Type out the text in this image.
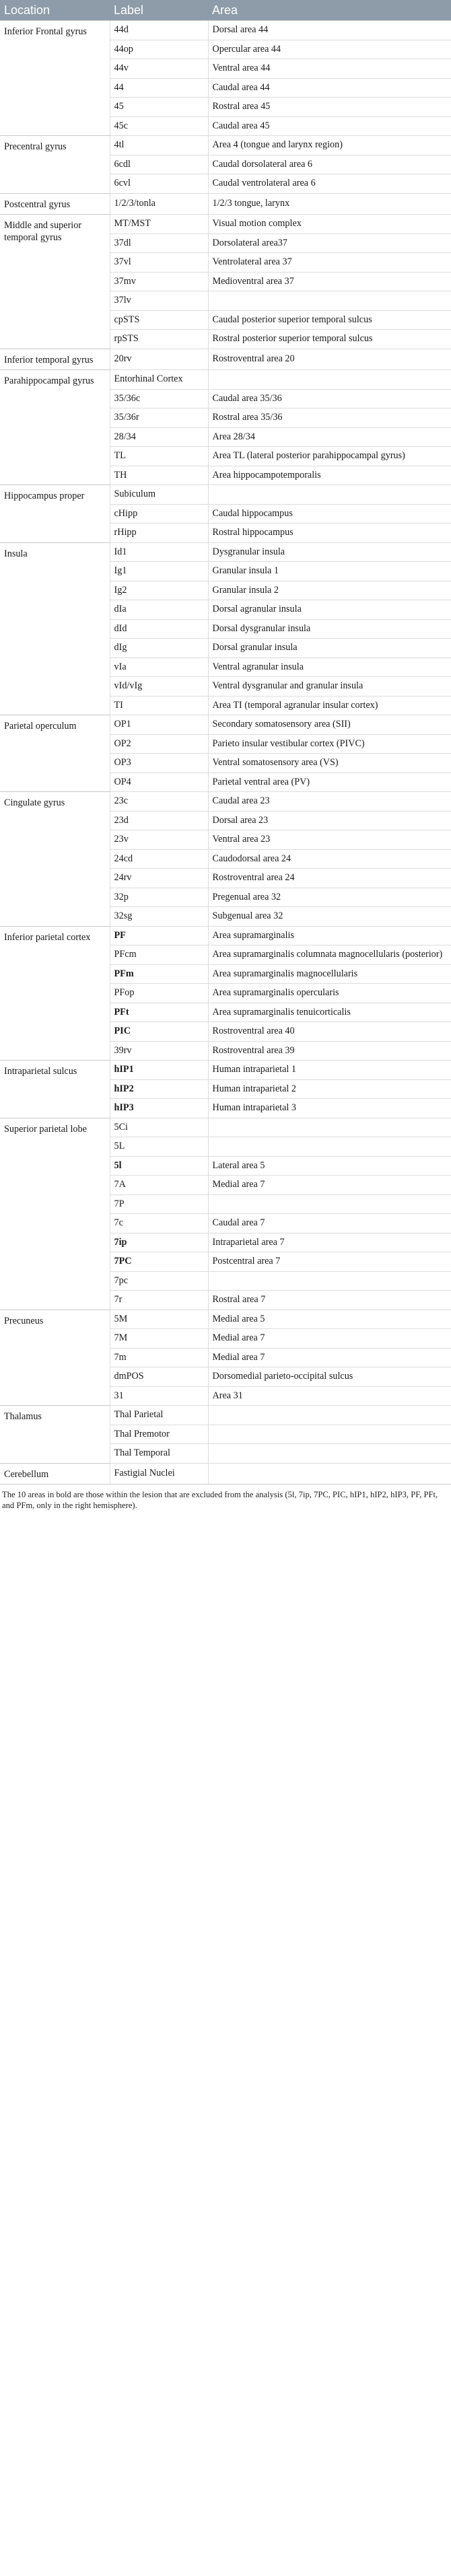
Location	Label	Area
Inferior Frontal gyrus	44d	Dorsal area 44
	44op	Opercular area 44
	44v	Ventral area 44
	44	Caudal area 44
	45	Rostral area 45
	45c	Caudal area 45
Precentral gyrus	4tl	Area 4 (tongue and larynx region)
	6cdl	Caudal dorsolateral area 6
	6cvl	Caudal ventrolateral area 6
Postcentral gyrus	1/2/3/tonla	1/2/3 tongue, larynx
Middle and superior temporal gyrus	MT/MST	Visual motion complex
	37dl	Dorsolateral area37
	37vl	Ventrolateral area 37
	37mv	Medioventral area 37
	37lv	
	cpSTS	Caudal posterior superior temporal sulcus
	rpSTS	Rostral posterior superior temporal sulcus
Inferior temporal gyrus	20rv	Rostroventral area 20
Parahippocampal gyrus	Entorhinal Cortex	
	35/36c	Caudal area 35/36
	35/36r	Rostral area 35/36
	28/34	Area 28/34
	TL	Area TL (lateral posterior parahippocampal gyrus)
	TH	Area hippocampotemporalis
Hippocampus proper	Subiculum	
	cHipp	Caudal hippocampus
	rHipp	Rostral hippocampus
Insula	Id1	Dysgranular insula
	Ig1	Granular insula 1
	Ig2	Granular insula 2
	dIa	Dorsal agranular insula
	dId	Dorsal dysgranular insula
	dIg	Dorsal granular insula
	vIa	Ventral agranular insula
	vId/vIg	Ventral dysgranular and granular insula
	TI	Area TI (temporal agranular insular cortex)
Parietal operculum	OP1	Secondary somatosensory area (SII)
	OP2	Parieto insular vestibular cortex (PIVC)
	OP3	Ventral somatosensory area (VS)
	OP4	Parietal ventral area (PV)
Cingulate gyrus	23c	Caudal area 23
	23d	Dorsal area 23
	23v	Ventral area 23
	24cd	Caudodorsal area 24
	24rv	Rostroventral area 24
	32p	Pregenual area 32
	32sg	Subgenual area 32
Inferior parietal cortex	PF	Area supramarginalis
	PFcm	Area supramarginalis columnata magnocellularis (posterior)
	PFm	Area supramarginalis magnocellularis
	PFop	Area supramarginalis opercularis
	PFt	Area supramarginalis tenuicorticalis
	PIC	Rostroventral area 40
	39rv	Rostroventral area 39
Intraparietal sulcus	hIP1	Human intraparietal 1
	hIP2	Human intraparietal 2
	hIP3	Human intraparietal 3
Superior parietal lobe	5Ci	
	5L	
	5l	Lateral area 5
	7A	Medial area 7
	7P	
	7c	Caudal area 7
	7ip	Intraparietal area 7
	7PC	Postcentral area 7
	7pc	
	7r	Rostral area 7
Precuneus	5M	Medial area 5
	7M	Medial area 7
	7m	Medial area 7
	dmPOS	Dorsomedial parieto-occipital sulcus
	31	Area 31
Thalamus	Thal Parietal	
	Thal Premotor	
	Thal Temporal	
Cerebellum	Fastigial Nuclei	
The 10 areas in bold are those within the lesion that are excluded from the analysis (5l, 7ip, 7PC, PIC, hIP1, hIP2, hIP3, PF, PFt, and PFm, only in the right hemisphere).
